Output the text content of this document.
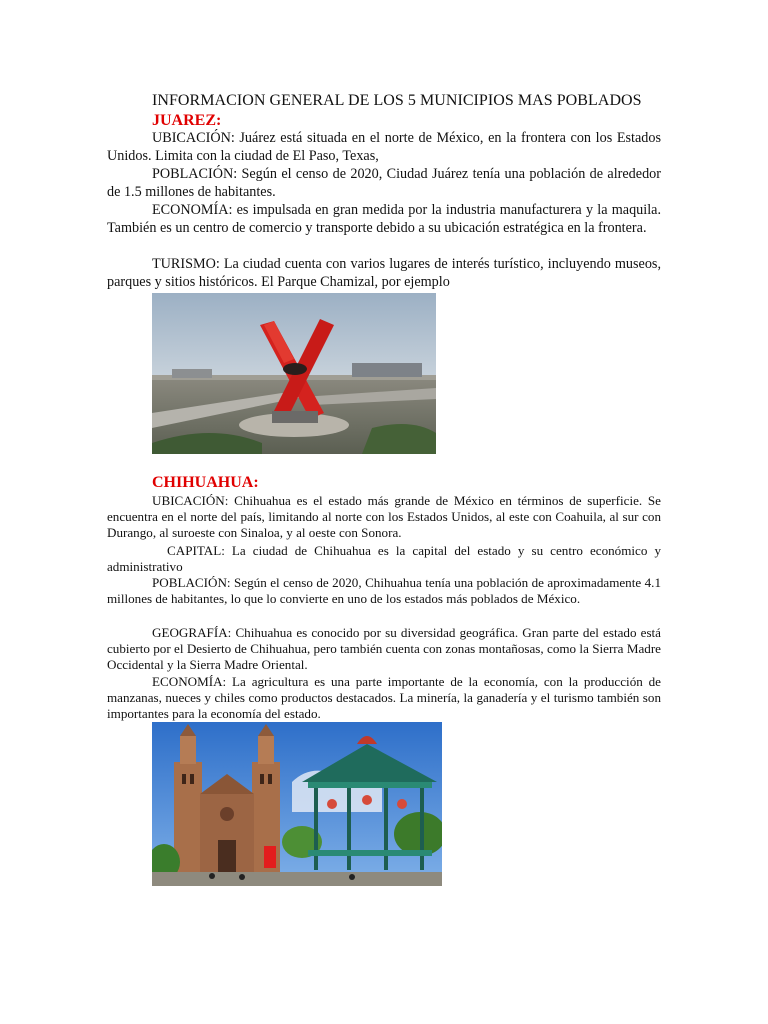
INFORMACION GENERAL DE LOS 5 MUNICIPIOS MAS POBLADOS
JUAREZ:
UBICACIÓN: Juárez está situada en el norte de México, en la frontera con los Estados Unidos. Limita con la ciudad de El Paso, Texas,
POBLACIÓN: Según el censo de 2020, Ciudad Juárez tenía una población de alrededor de 1.5 millones de habitantes.
ECONOMÍA: es impulsada en gran medida por la industria manufacturera y la maquila. También es un centro de comercio y transporte debido a su ubicación estratégica en la frontera.
TURISMO: La ciudad cuenta con varios lugares de interés turístico, incluyendo museos, parques y sitios históricos. El Parque Chamizal, por ejemplo
CHIHUAHUA:
UBICACIÓN: Chihuahua es el estado más grande de México en términos de superficie. Se encuentra en el norte del país, limitando al norte con los Estados Unidos, al este con Coahuila, al sur con Durango, al suroeste con Sinaloa, y al oeste con Sonora.
CAPITAL: La ciudad de Chihuahua es la capital del estado y su centro económico y administrativo
POBLACIÓN: Según el censo de 2020, Chihuahua tenía una población de aproximadamente 4.1 millones de habitantes, lo que lo convierte en uno de los estados más poblados de México.
GEOGRAFÍA: Chihuahua es conocido por su diversidad geográfica. Gran parte del estado está cubierto por el Desierto de Chihuahua, pero también cuenta con zonas montañosas, como la Sierra Madre Occidental y la Sierra Madre Oriental.
ECONOMÍA: La agricultura es una parte importante de la economía, con la producción de manzanas, nueces y chiles como productos destacados. La minería, la ganadería y el turismo también son importantes para la economía del estado.
